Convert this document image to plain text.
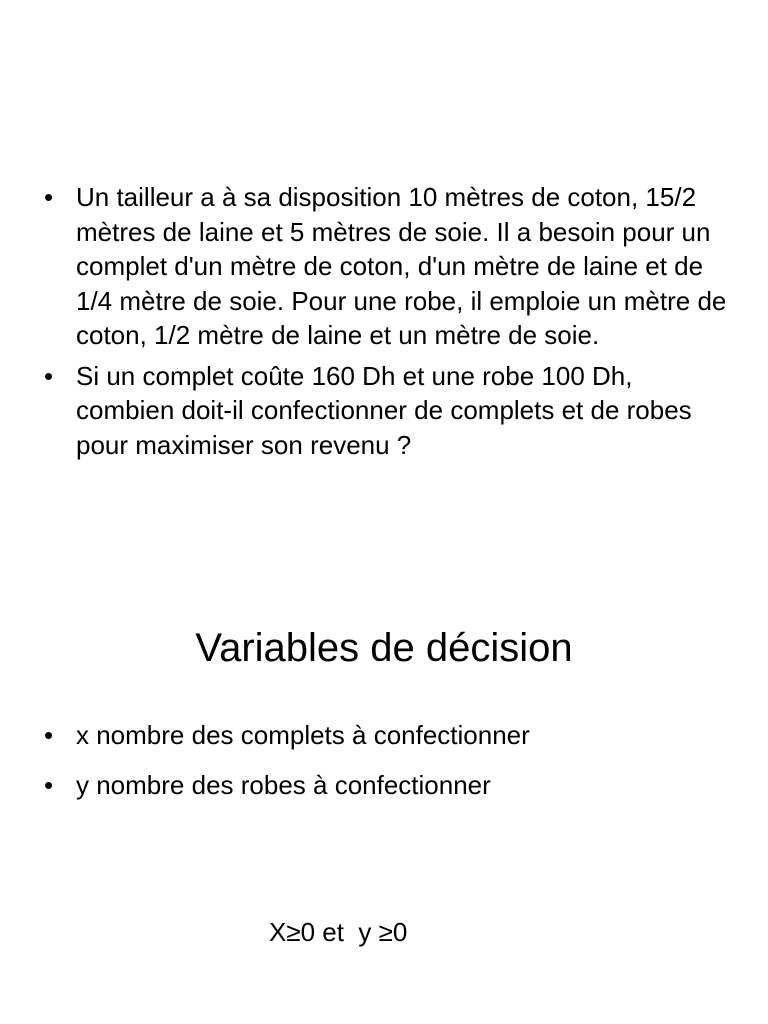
• Un tailleur a à sa disposition 10 mètres de coton, 15/2 mètres de laine et 5 mètres de soie. Il a besoin pour un complet d'un mètre de coton, d'un mètre de laine et de 1/4 mètre de soie. Pour une robe, il emploie un mètre de coton, 1/2 mètre de laine et un mètre de soie.
• Si un complet coûte 160 Dh et une robe 100 Dh, combien doit-il confectionner de complets et de robes pour maximiser son revenu ?
Variables de décision
• x nombre des complets à confectionner
• y nombre des robes à confectionner
X≥0 et  y ≥0
